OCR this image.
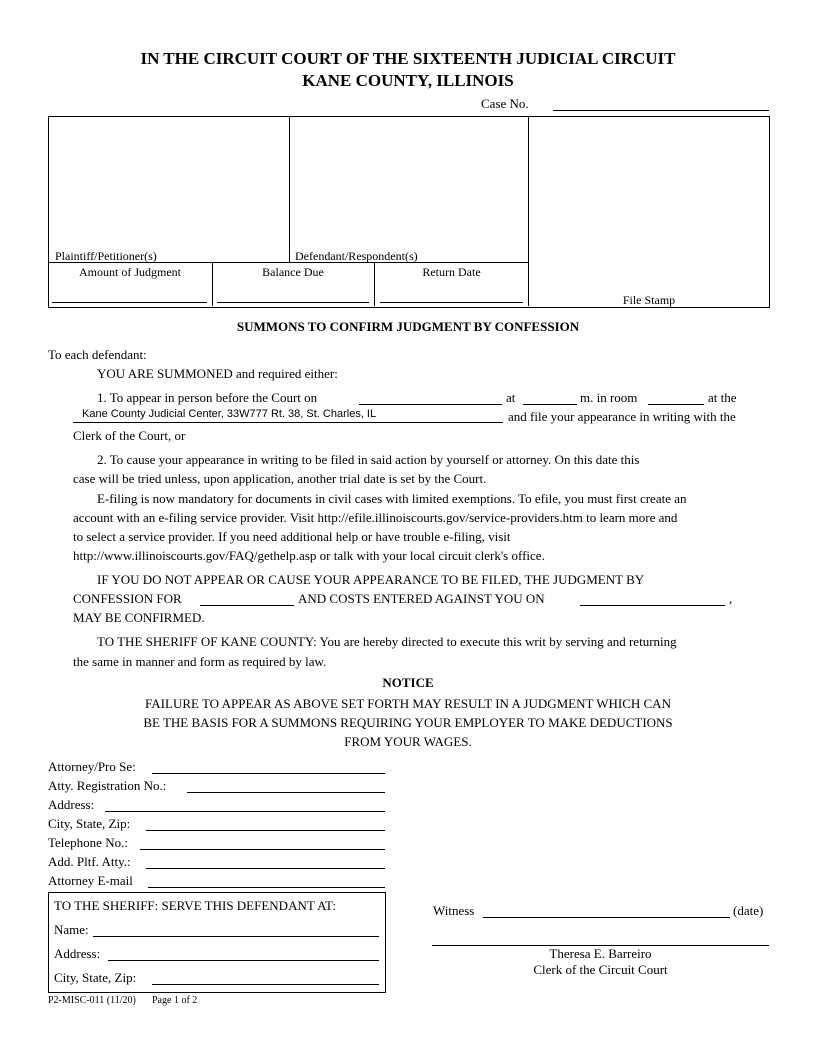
IN THE CIRCUIT COURT OF THE SIXTEENTH JUDICIAL CIRCUIT
KANE COUNTY, ILLINOIS
Case No.
Plaintiff/Petitioner(s)	Defendant/Respondent(s)
Amount of Judgment	Balance Due	Return Date
File Stamp
SUMMONS TO CONFIRM JUDGMENT BY CONFESSION
To each defendant:
YOU ARE SUMMONED and required either:
1. To appear in person before the Court on	at	m. in room	at the
Kane County Judicial Center, 33W777 Rt. 38, St. Charles, IL	and file your appearance in writing with the
Clerk of the Court, or
2. To cause your appearance in writing to be filed in said action by yourself or attorney. On this date this
case will be tried unless, upon application, another trial date is set by the Court.
E-filing is now mandatory for documents in civil cases with limited exemptions. To efile, you must first create an
account with an e-filing service provider. Visit http://efile.illinoiscourts.gov/service-providers.htm to learn more and
to select a service provider. If you need additional help or have trouble e-filing, visit
http://www.illinoiscourts.gov/FAQ/gethelp.asp or talk with your local circuit clerk's office.
IF YOU DO NOT APPEAR OR CAUSE YOUR APPEARANCE TO BE FILED, THE JUDGMENT BY
CONFESSION FOR	AND COSTS ENTERED AGAINST YOU ON	,
MAY BE CONFIRMED.
TO THE SHERIFF OF KANE COUNTY: You are hereby directed to execute this writ by serving and returning
the same in manner and form as required by law.
NOTICE
FAILURE TO APPEAR AS ABOVE SET FORTH MAY RESULT IN A JUDGMENT WHICH CAN
BE THE BASIS FOR A SUMMONS REQUIRING YOUR EMPLOYER TO MAKE DEDUCTIONS
FROM YOUR WAGES.
Attorney/Pro Se:
Atty. Registration No.:
Address:
City, State, Zip:
Telephone No.:
Add. Pltf. Atty.:
Attorney E-mail
TO THE SHERIFF: SERVE THIS DEFENDANT AT:
Name:
Address:
City, State, Zip:
Witness	(date)
Theresa E. Barreiro
Clerk of the Circuit Court
P2-MISC-011 (11/20) Page 1 of 2
